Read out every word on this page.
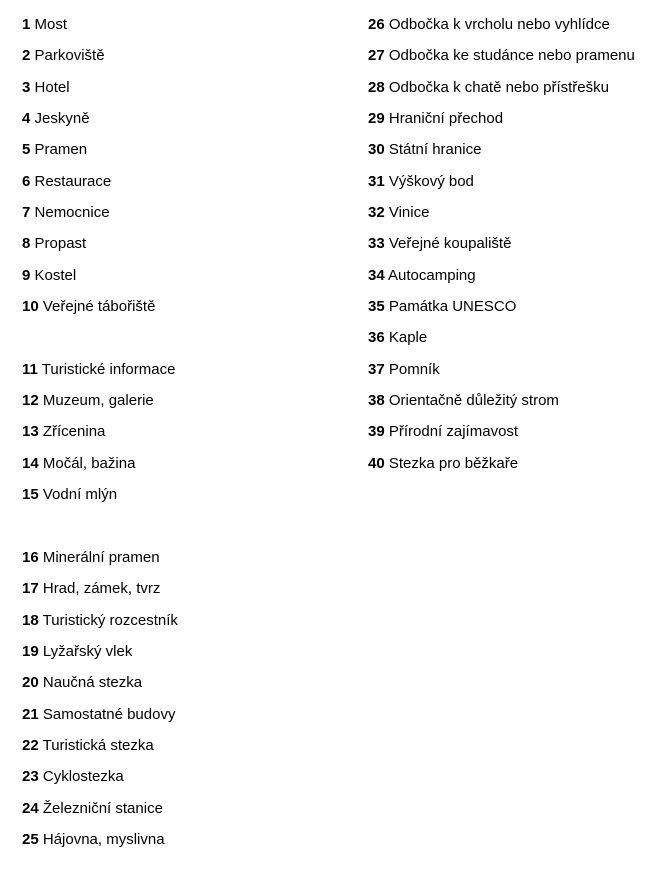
1 Most
2 Parkoviště
3 Hotel
4 Jeskyně
5 Pramen
6 Restaurace
7 Nemocnice
8 Propast
9 Kostel
10 Veřejné tábořiště
11 Turistické informace
12 Muzeum, galerie
13 Zřícenina
14 Močál, bažina
15 Vodní mlýn
16 Minerální pramen
17 Hrad, zámek, tvrz
18 Turistický rozcestník
19 Lyžařský vlek
20 Naučná stezka
21 Samostatné budovy
22 Turistická stezka
23 Cyklostezka
24 Železniční stanice
25 Hájovna, myslivna
26 Odbočka k vrcholu nebo vyhlídce
27 Odbočka ke studánce nebo pramenu
28 Odbočka k chatě nebo přístřešku
29 Hraniční přechod
30 Státní hranice
31 Výškový bod
32 Vinice
33 Veřejné koupaliště
34 Autocamping
35 Památka UNESCO
36 Kaple
37 Pomník
38 Orientačně důležitý strom
39 Přírodní zajímavost
40 Stezka pro běžkaře
